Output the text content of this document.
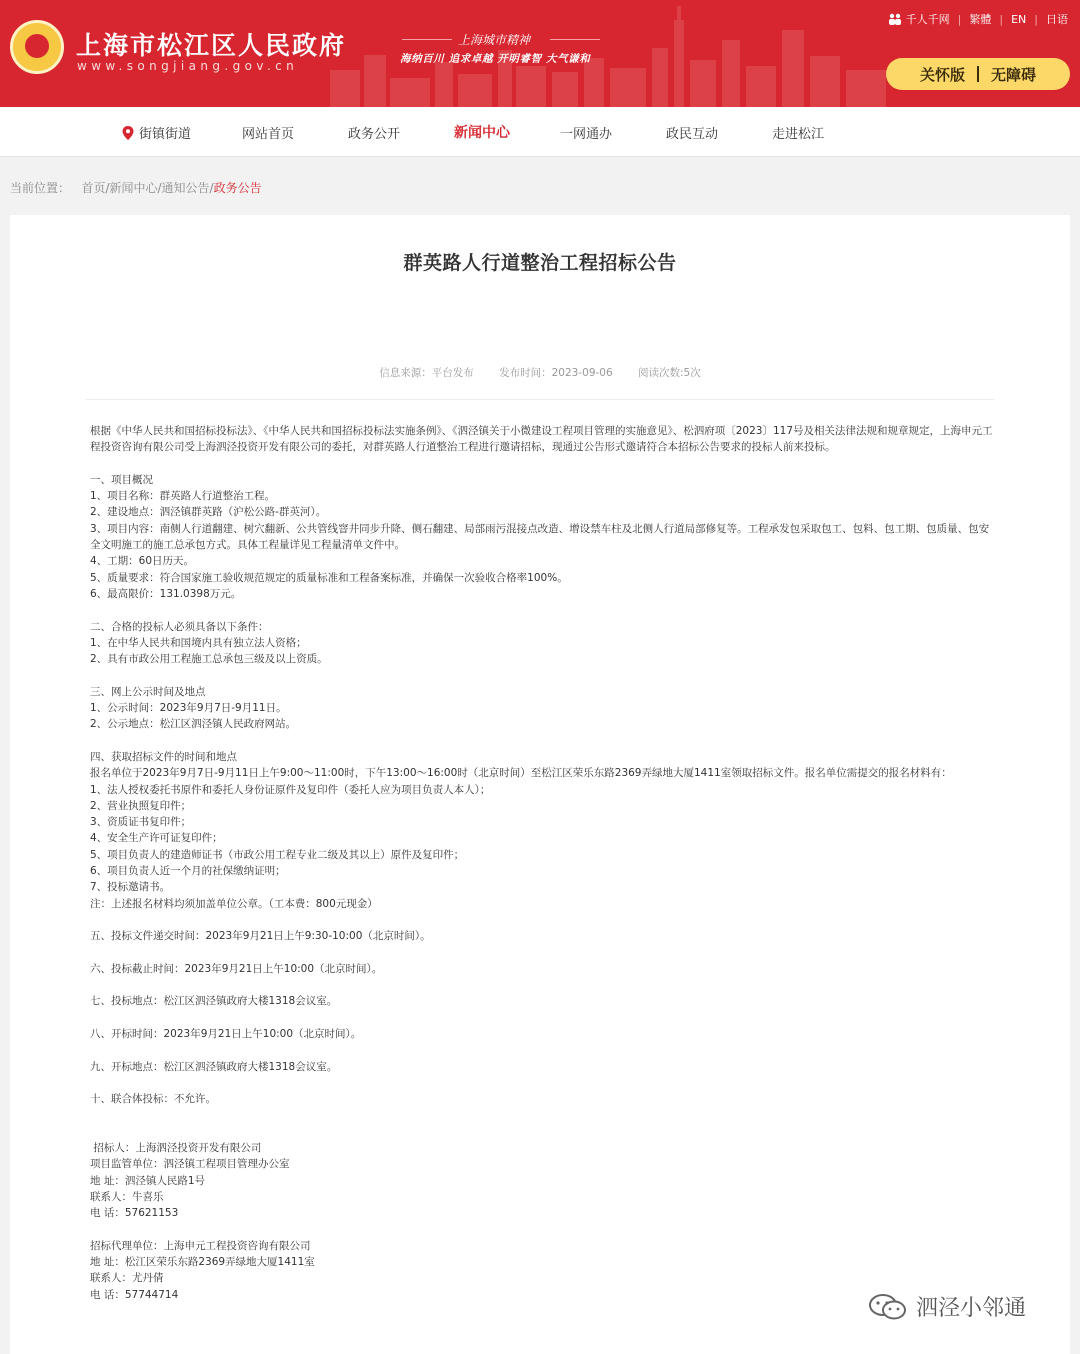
上海市松江区人民政府
www.songjiang.gov.cn
上海城市精神
海纳百川 追求卓越 开明睿智 大气谦和
千人千网 | 繁體 | EN | 日语
关怀版 无障碍
街镇街道	网站首页	政务公开	新闻中心	一网通办	政民互动	走进松江
当前位置： 首页/新闻中心/通知公告/政务公告
群英路人行道整治工程招标公告
信息来源：平台发布 发布时间：2023-09-06 阅读次数:5次

根据《中华人民共和国招标投标法》、《中华人民共和国招标投标法实施条例》、《泗泾镇关于小微建设工程项目管理的实施意见》、松泗府项〔2023〕117号及相关法律法规和规章规定，上海申元工程投资咨询有限公司受上海泗泾投资开发有限公司的委托，对群英路人行道整治工程进行邀请招标，现通过公告形式邀请符合本招标公告要求的投标人前来投标。

一、项目概况

1、项目名称：群英路人行道整治工程。

2、建设地点：泗泾镇群英路（沪松公路-群英河）。

3、项目内容：南侧人行道翻建、树穴翻新、公共管线窨井同步升降、侧石翻建、局部雨污混接点改造、增设禁车柱及北侧人行道局部修复等。工程承发包采取包工、包料、包工期、包质量、包安全文明施工的施工总承包方式。具体工程量详见工程量清单文件中。

4、工期：60日历天。

5、质量要求：符合国家施工验收规范规定的质量标准和工程备案标准，并确保一次验收合格率100%。

6、最高限价：131.0398万元。

二、合格的投标人必须具备以下条件：

1、在中华人民共和国境内具有独立法人资格；

2、具有市政公用工程施工总承包三级及以上资质。

三、网上公示时间及地点

1、公示时间：2023年9月7日-9月11日。

2、公示地点：松江区泗泾镇人民政府网站。

四、获取招标文件的时间和地点

报名单位于2023年9月7日-9月11日上午9:00～11:00时，下午13:00～16:00时（北京时间）至松江区荣乐东路2369弄绿地大厦1411室领取招标文件。报名单位需提交的报名材料有：

1、法人授权委托书原件和委托人身份证原件及复印件（委托人应为项目负责人本人）；

2、营业执照复印件；

3、资质证书复印件；

4、安全生产许可证复印件；

5、项目负责人的建造师证书（市政公用工程专业二级及其以上）原件及复印件；

6、项目负责人近一个月的社保缴纳证明；

7、投标邀请书。

注：上述报名材料均须加盖单位公章。（工本费：800元现金）

五、投标文件递交时间：2023年9月21日上午9:30-10:00（北京时间）。

六、投标截止时间：2023年9月21日上午10:00（北京时间）。

七、投标地点：松江区泗泾镇政府大楼1318会议室。

八、开标时间：2023年9月21日上午10:00（北京时间）。

九、开标地点：松江区泗泾镇政府大楼1318会议室。

十、联合体投标：不允许。

招标人：上海泗泾投资开发有限公司

项目监管单位：泗泾镇工程项目管理办公室

地 址：泗泾镇人民路1号

联系人：牛喜乐

电 话：57621153

招标代理单位：上海申元工程投资咨询有限公司

地 址：松江区荣乐东路2369弄绿地大厦1411室

联系人：尤丹倩

电 话：57744714

泗泾小邻通
